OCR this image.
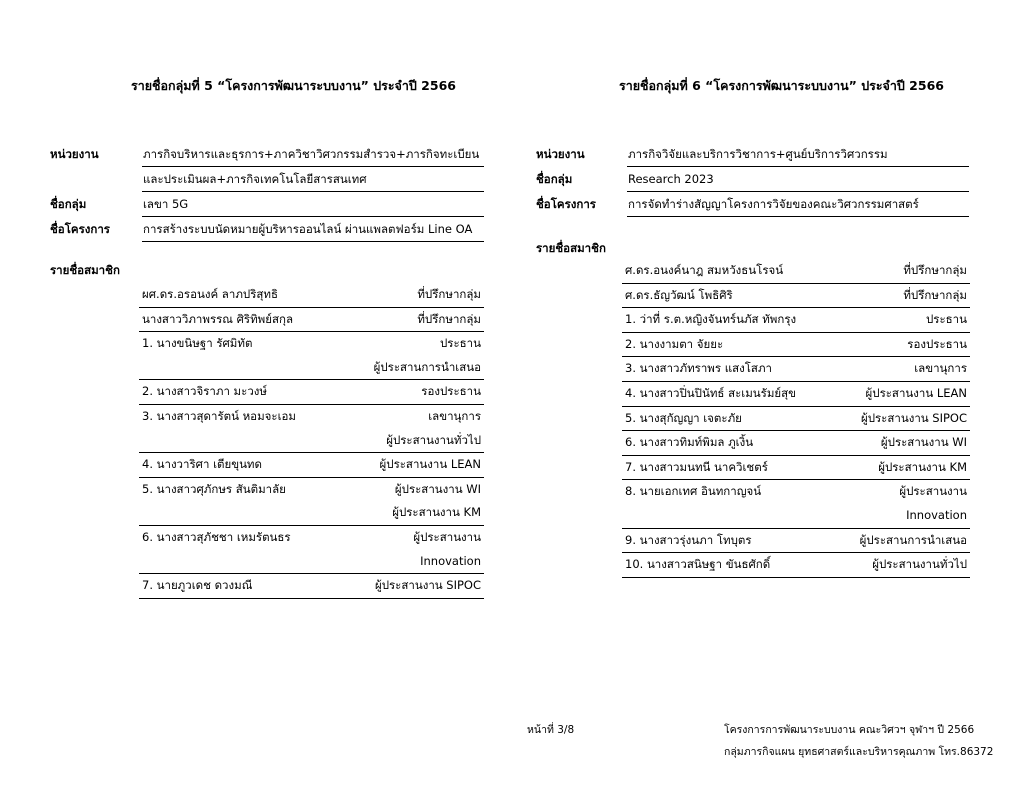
รายชื่อกลุ่มที่ 5 “โครงการพัฒนาระบบงาน” ประจำปี 2566
หน่วยงาน	ภารกิจบริหารและธุรการ+ภาควิชาวิศวกรรมสำรวจ+ภารกิจทะเบียน
และประเมินผล+ภารกิจเทคโนโลยีสารสนเทศ
ชื่อกลุ่ม	เลขา 5G
ชื่อโครงการ	การสร้างระบบนัดหมายผู้บริหารออนไลน์ ผ่านแพลตฟอร์ม Line OA
รายชื่อสมาชิก
ผศ.ดร.อรอนงค์ ลาภปริสุทธิ	ที่ปรึกษากลุ่ม
นางสาววิภาพรรณ ศิริทิพย์สกุล	ที่ปรึกษากลุ่ม
1. นางขนิษฐา รัศมิทัต	ประธาน
ผู้ประสานการนำเสนอ
2. นางสาวจิราภา มะวงษ์	รองประธาน
3. นางสาวสุดารัตน์ หอมจะเอม	เลขานุการ
ผู้ประสานงานทั่วไป
4. นางวาริศา เตียขุนทด	ผู้ประสานงาน LEAN
5. นางสาวศุภักษร สันติมาลัย	ผู้ประสานงาน WI
ผู้ประสานงาน KM
6. นางสาวสุภัชชา เหมรัตนธร	ผู้ประสานงาน
Innovation
7. นายภูวเดช ดวงมณี	ผู้ประสานงาน SIPOC
รายชื่อกลุ่มที่ 6 “โครงการพัฒนาระบบงาน” ประจำปี 2566
หน่วยงาน	ภารกิจวิจัยและบริการวิชาการ+ศูนย์บริการวิศวกรรม
ชื่อกลุ่ม	Research 2023
ชื่อโครงการ	การจัดทำร่างสัญญาโครงการวิจัยของคณะวิศวกรรมศาสตร์
รายชื่อสมาชิก
ศ.ดร.อนงค์นาฎ สมหวังธนโรจน์	ที่ปรึกษากลุ่ม
ศ.ดร.ธัญวัฒน์ โพธิศิริ	ที่ปรึกษากลุ่ม
1. ว่าที่ ร.ต.หญิงจันทร์นภัส ทัพกรุง	ประธาน
2. นางงามตา จัยยะ	รองประธาน
3. นางสาวภัทราพร แสงโสภา	เลขานุการ
4. นางสาวปิ่นปินัทธ์ สะเมนรัมย์สุข	ผู้ประสานงาน LEAN
5. นางสุกัญญา เจตะภัย	ผู้ประสานงาน SIPOC
6. นางสาวทิมท์พิมล ภูเงิ้น	ผู้ประสานงาน WI
7. นางสาวมนทนี นาควิเชตร์	ผู้ประสานงาน KM
8. นายเอกเทศ อินทกาญจน์	ผู้ประสานงาน
Innovation
9. นางสาวรุ่งนภา โทบุตร	ผู้ประสานการนำเสนอ
10. นางสาวสนิษฐา ขันธศักดิ์	ผู้ประสานงานทั่วไป
หน้าที่ 3/8	โครงการการพัฒนาระบบงาน คณะวิศวฯ จุฬาฯ ปี 2566
กลุ่มภารกิจแผน ยุทธศาสตร์และบริหารคุณภาพ โทร.86372
